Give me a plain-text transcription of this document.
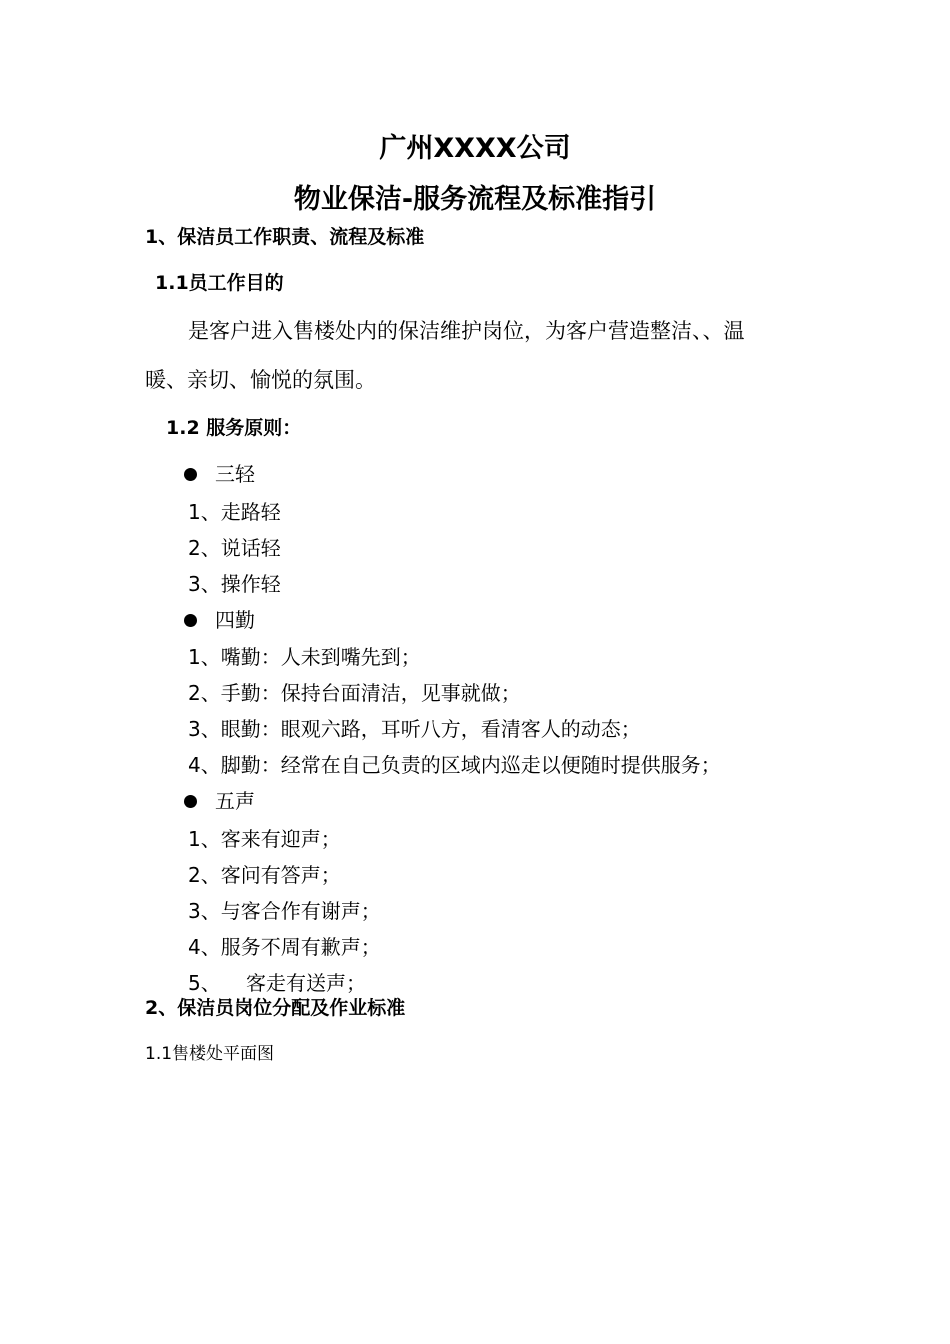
广州XXXX公司
物业保洁-服务流程及标准指引
1、保洁员工作职责、流程及标准
1.1员工作目的

是客户进入售楼处内的保洁维护岗位，为客户营造整洁、、温

暖、亲切、愉悦的氛围。

1.2 服务原则：
三轻
1、走路轻
2、说话轻
3、操作轻
四勤
1、嘴勤：人未到嘴先到；
2、手勤：保持台面清洁，见事就做；
3、眼勤：眼观六路，耳听八方，看清客人的动态；
4、脚勤：经常在自己负责的区域内巡走以便随时提供服务；
五声
1、客来有迎声；
2、客问有答声；
3、与客合作有谢声；
4、服务不周有歉声；
5、 客走有送声；
2、保洁员岗位分配及作业标准

1.1售楼处平面图
